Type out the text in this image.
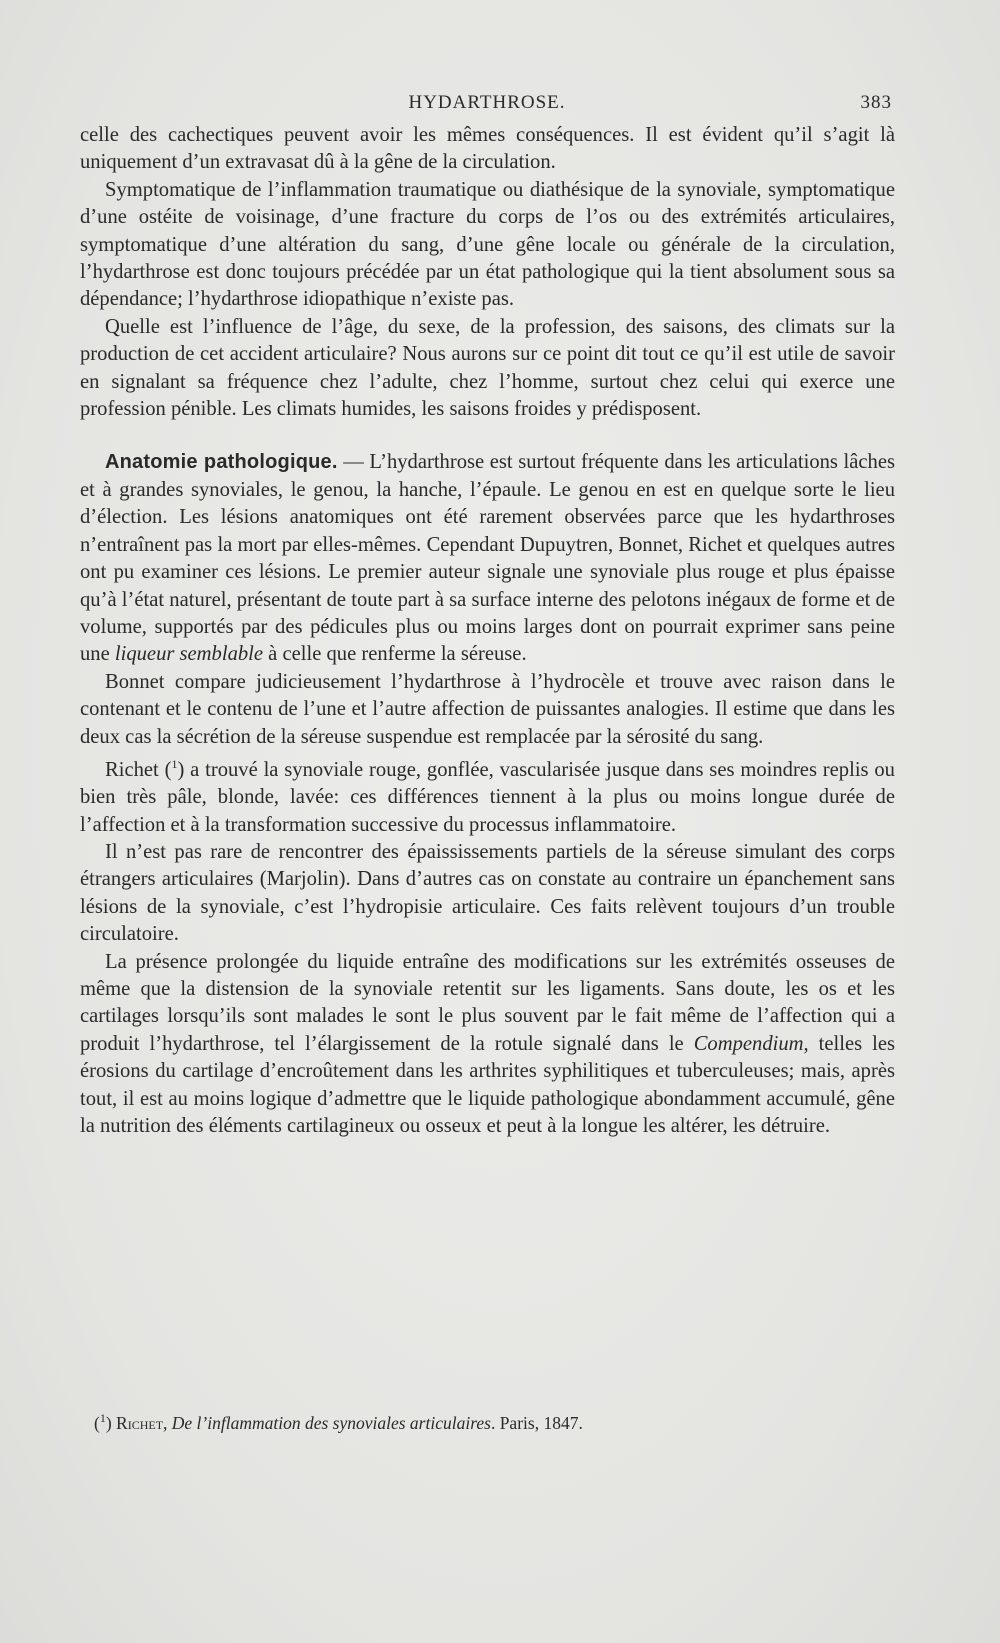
HYDARTHROSE.	383

celle des cachectiques peuvent avoir les mêmes conséquences. Il est évident qu’il s’agit là uniquement d’un extravasat dû à la gêne de la circulation.

Symptomatique de l’inflammation traumatique ou diathésique de la synoviale, symptomatique d’une ostéite de voisinage, d’une fracture du corps de l’os ou des extrémités articulaires, symptomatique d’une altération du sang, d’une gêne locale ou générale de la circulation, l’hydarthrose est donc toujours précédée par un état pathologique qui la tient absolument sous sa dépendance; l’hydarthrose idiopathique n’existe pas.

Quelle est l’influence de l’âge, du sexe, de la profession, des saisons, des climats sur la production de cet accident articulaire? Nous aurons sur ce point dit tout ce qu’il est utile de savoir en signalant sa fréquence chez l’adulte, chez l’homme, surtout chez celui qui exerce une profession pénible. Les climats humides, les saisons froides y prédisposent.

Anatomie pathologique. — L’hydarthrose est surtout fréquente dans les articulations lâches et à grandes synoviales, le genou, la hanche, l’épaule. Le genou en est en quelque sorte le lieu d’élection. Les lésions anatomiques ont été rarement observées parce que les hydarthroses n’entraînent pas la mort par elles-mêmes. Cependant Dupuytren, Bonnet, Richet et quelques autres ont pu examiner ces lésions. Le premier auteur signale une synoviale plus rouge et plus épaisse qu’à l’état naturel, présentant de toute part à sa surface interne des pelotons inégaux de forme et de volume, supportés par des pédicules plus ou moins larges dont on pourrait exprimer sans peine une liqueur semblable à celle que renferme la séreuse.

Bonnet compare judicieusement l’hydarthrose à l’hydrocèle et trouve avec raison dans le contenant et le contenu de l’une et l’autre affection de puissantes analogies. Il estime que dans les deux cas la sécrétion de la séreuse suspendue est remplacée par la sérosité du sang.

Richet ($^1$) a trouvé la synoviale rouge, gonflée, vascularisée jusque dans ses moindres replis ou bien très pâle, blonde, lavée: ces différences tiennent à la plus ou moins longue durée de l’affection et à la transformation successive du processus inflammatoire.

Il n’est pas rare de rencontrer des épaississements partiels de la séreuse simulant des corps étrangers articulaires (Marjolin). Dans d’autres cas on constate au contraire un épanchement sans lésions de la synoviale, c’est l’hydropisie articulaire. Ces faits relèvent toujours d’un trouble circulatoire.

La présence prolongée du liquide entraîne des modifications sur les extrémités osseuses de même que la distension de la synoviale retentit sur les ligaments. Sans doute, les os et les cartilages lorsqu’ils sont malades le sont le plus souvent par le fait même de l’affection qui a produit l’hydarthrose, tel l’élargissement de la rotule signalé dans le Compendium, telles les érosions du cartilage d’encroûtement dans les arthrites syphilitiques et tuberculeuses; mais, après tout, il est au moins logique d’admettre que le liquide pathologique abondamment accumulé, gêne la nutrition des éléments cartilagineux ou osseux et peut à la longue les altérer, les détruire.

($^1$) Richet, De l’inflammation des synoviales articulaires. Paris, 1847.
